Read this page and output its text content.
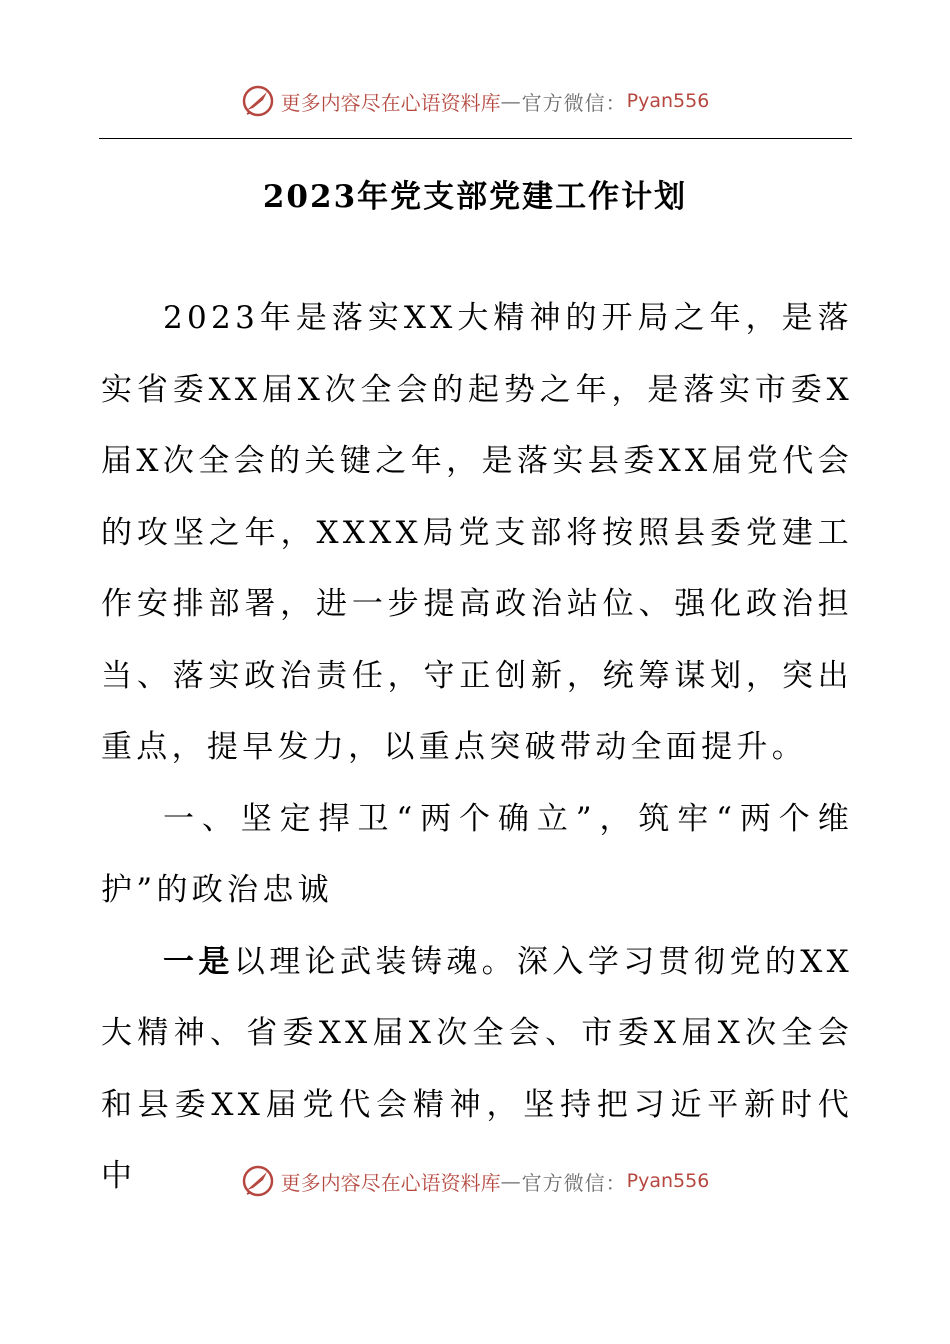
更多内容尽在心语资料库 — 官方微信： Pyan556
2023年党支部党建工作计划

2023年是落实XX大精神的开局之年，是落实省委XX届X次全会的起势之年，是落实市委X届X次全会的关键之年，是落实县委XX届党代会的攻坚之年，XXXX局党支部将按照县委党建工作安排部署，进一步提高政治站位、强化政治担当、落实政治责任，守正创新，统筹谋划，突出重点，提早发力，以重点突破带动全面提升。

一、坚定捍卫“两个确立”，筑牢“两个维护”的政治忠诚

一是以理论武装铸魂。深入学习贯彻党的XX大精神、省委XX届X次全会、市委X届X次全会和县委XX届党代会精神，坚持把习近平新时代中	更多内容尽在心语资料库 — 官方微信： Pyan556
